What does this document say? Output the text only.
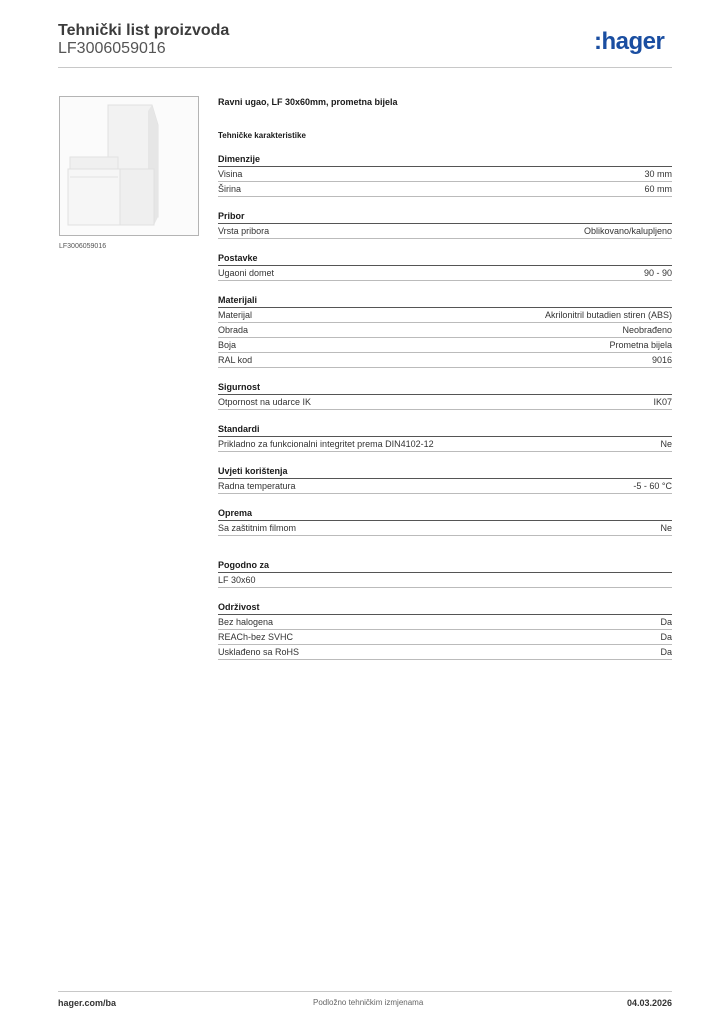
Tehnički list proizvoda
LF3006059016	:hager
LF3006059016
Ravni ugao, LF 30x60mm, prometna bijela
Tehničke karakteristike
Dimenzije
Visina	30 mm
Širina	60 mm
Pribor
Vrsta pribora	Oblikovano/kalupljeno
Postavke
Ugaoni domet	90 - 90
Materijali
Materijal	Akrilonitril butadien stiren (ABS)
Obrada	Neobrađeno
Boja	Prometna bijela
RAL kod	9016
Sigurnost
Otpornost na udarce IK	IK07
Standardi
Prikladno za funkcionalni integritet prema DIN4102-12	Ne
Uvjeti korištenja
Radna temperatura	-5 - 60 °C
Oprema
Sa zaštitnim filmom	Ne
Pogodno za
LF 30x60
Održivost
Bez halogena	Da
REACh-bez SVHC	Da
Usklađeno sa RoHS	Da
hager.com/ba	Podložno tehničkim izmjenama	04.03.2026
